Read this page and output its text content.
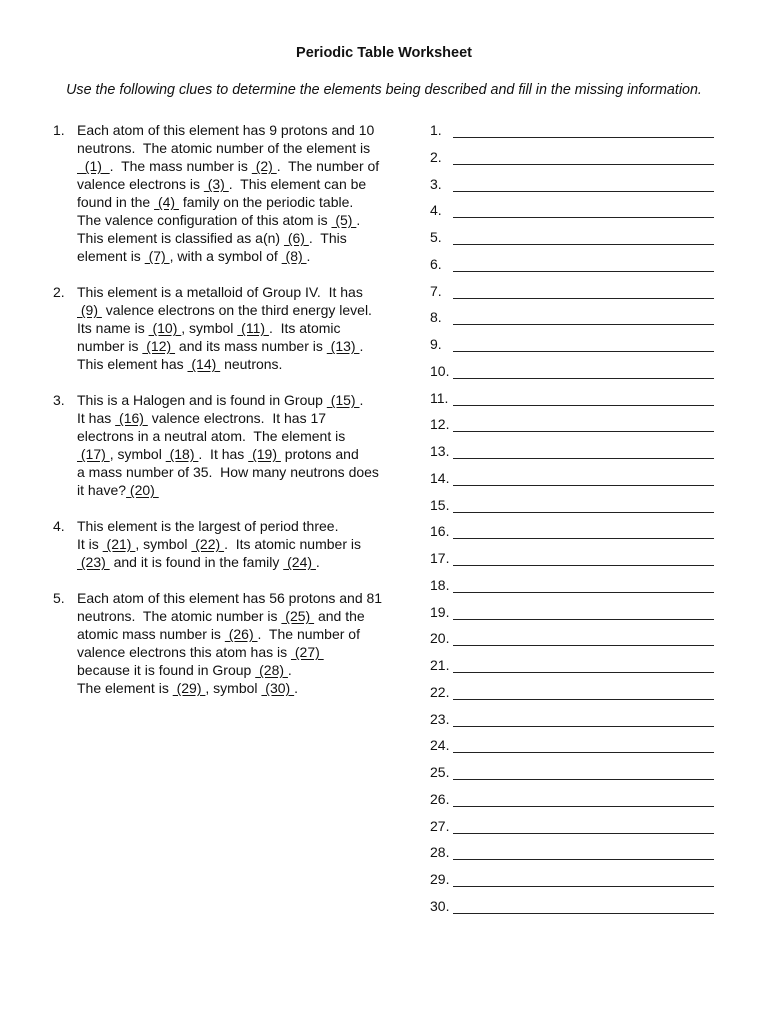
Periodic Table Worksheet
Use the following clues to determine the elements being described and fill in the missing information.
1. Each atom of this element has 9 protons and 10
neutrons.  The atomic number of the element is
(1)  .  The mass number is  (2) .  The number of
valence electrons is  (3) .  This element can be
found in the  (4)  family on the periodic table.
The valence configuration of this atom is  (5) .
This element is classified as a(n)  (6) .  This
element is  (7) , with a symbol of  (8) .
2. This element is a metalloid of Group IV.  It has
(9)  valence electrons on the third energy level.
Its name is  (10) , symbol  (11) .  Its atomic
number is  (12)  and its mass number is  (13) .
This element has  (14)  neutrons.
3. This is a Halogen and is found in Group  (15) .
It has  (16)  valence electrons.  It has 17
electrons in a neutral atom.  The element is
(17) , symbol  (18) .  It has  (19)  protons and
a mass number of 35.  How many neutrons does
it have? (20)
4. This element is the largest of period three.
It is  (21) , symbol  (22) .  Its atomic number is
(23)  and it is found in the family  (24) .
5. Each atom of this element has 56 protons and 81
neutrons.  The atomic number is  (25)  and the
atomic mass number is  (26) .  The number of
valence electrons this atom has is  (27)
because it is found in Group  (28) .
The element is  (29) , symbol  (30) .
1.
2.
3.
4.
5.
6.
7.
8.
9.
10.
11.
12.
13.
14.
15.
16.
17.
18.
19.
20.
21.
22.
23.
24.
25.
26.
27.
28.
29.
30.
